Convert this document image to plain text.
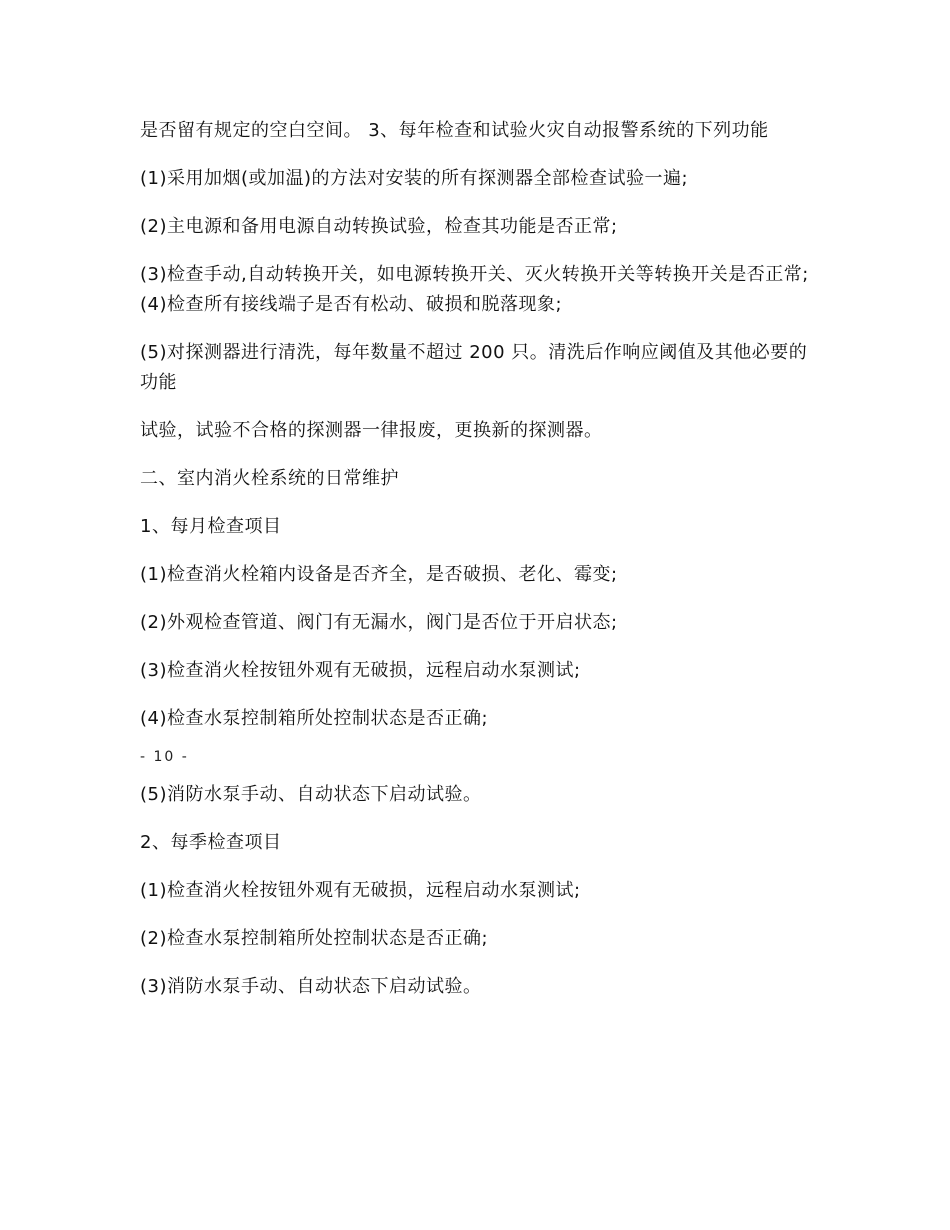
是否留有规定的空白空间。 3、每年检查和试验火灾自动报警系统的下列功能

(1)采用加烟(或加温)的方法对安装的所有探测器全部检查试验一遍;

(2)主电源和备用电源自动转换试验，检查其功能是否正常;

(3)检查手动,自动转换开关，如电源转换开关、灭火转换开关等转换开关是否正常; (4)检查所有接线端子是否有松动、破损和脱落现象;

(5)对探测器进行清洗，每年数量不超过 200 只。清洗后作响应阈值及其他必要的功能

试验，试验不合格的探测器一律报废，更换新的探测器。

二、室内消火栓系统的日常维护

1、每月检查项目

(1)检查消火栓箱内设备是否齐全，是否破损、老化、霉变;

(2)外观检查管道、阀门有无漏水，阀门是否位于开启状态;

(3)检查消火栓按钮外观有无破损，远程启动水泵测试;

(4)检查水泵控制箱所处控制状态是否正确;

- 10 -

(5)消防水泵手动、自动状态下启动试验。

2、每季检查项目

(1)检查消火栓按钮外观有无破损，远程启动水泵测试;

(2)检查水泵控制箱所处控制状态是否正确;

(3)消防水泵手动、自动状态下启动试验。
